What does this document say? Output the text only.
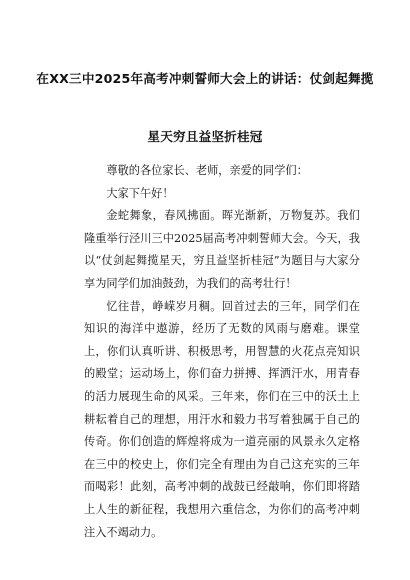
在XX三中2025年高考冲刺誓师大会上的讲话：仗剑起舞揽
星天穷且益坚折桂冠

尊敬的各位家长、老师，亲爱的同学们：

大家下午好！

金蛇舞象，春风拂面。晖光渐新，万物复苏。我们隆重举行泾川三中2025届高考冲刺誓师大会。今天，我以“仗剑起舞揽星天，穷且益坚折桂冠”为题目与大家分享为同学们加油鼓劲，为我们的高考壮行！

忆往昔，峥嵘岁月稠。回首过去的三年，同学们在知识的海洋中遨游，经历了无数的风雨与磨难。课堂上，你们认真听讲、积极思考，用智慧的火花点亮知识的殿堂；运动场上，你们奋力拼搏、挥洒汗水，用青春的活力展现生命的风采。三年来，你们在三中的沃土上耕耘着自己的理想，用汗水和毅力书写着独属于自己的传奇。你们创造的辉煌将成为一道亮丽的风景永久定格在三中的校史上，你们完全有理由为自己这充实的三年而喝彩！此刻，高考冲刺的战鼓已经敲响，你们即将踏上人生的新征程，我想用六重信念，为你们的高考冲刺注入不竭动力。
